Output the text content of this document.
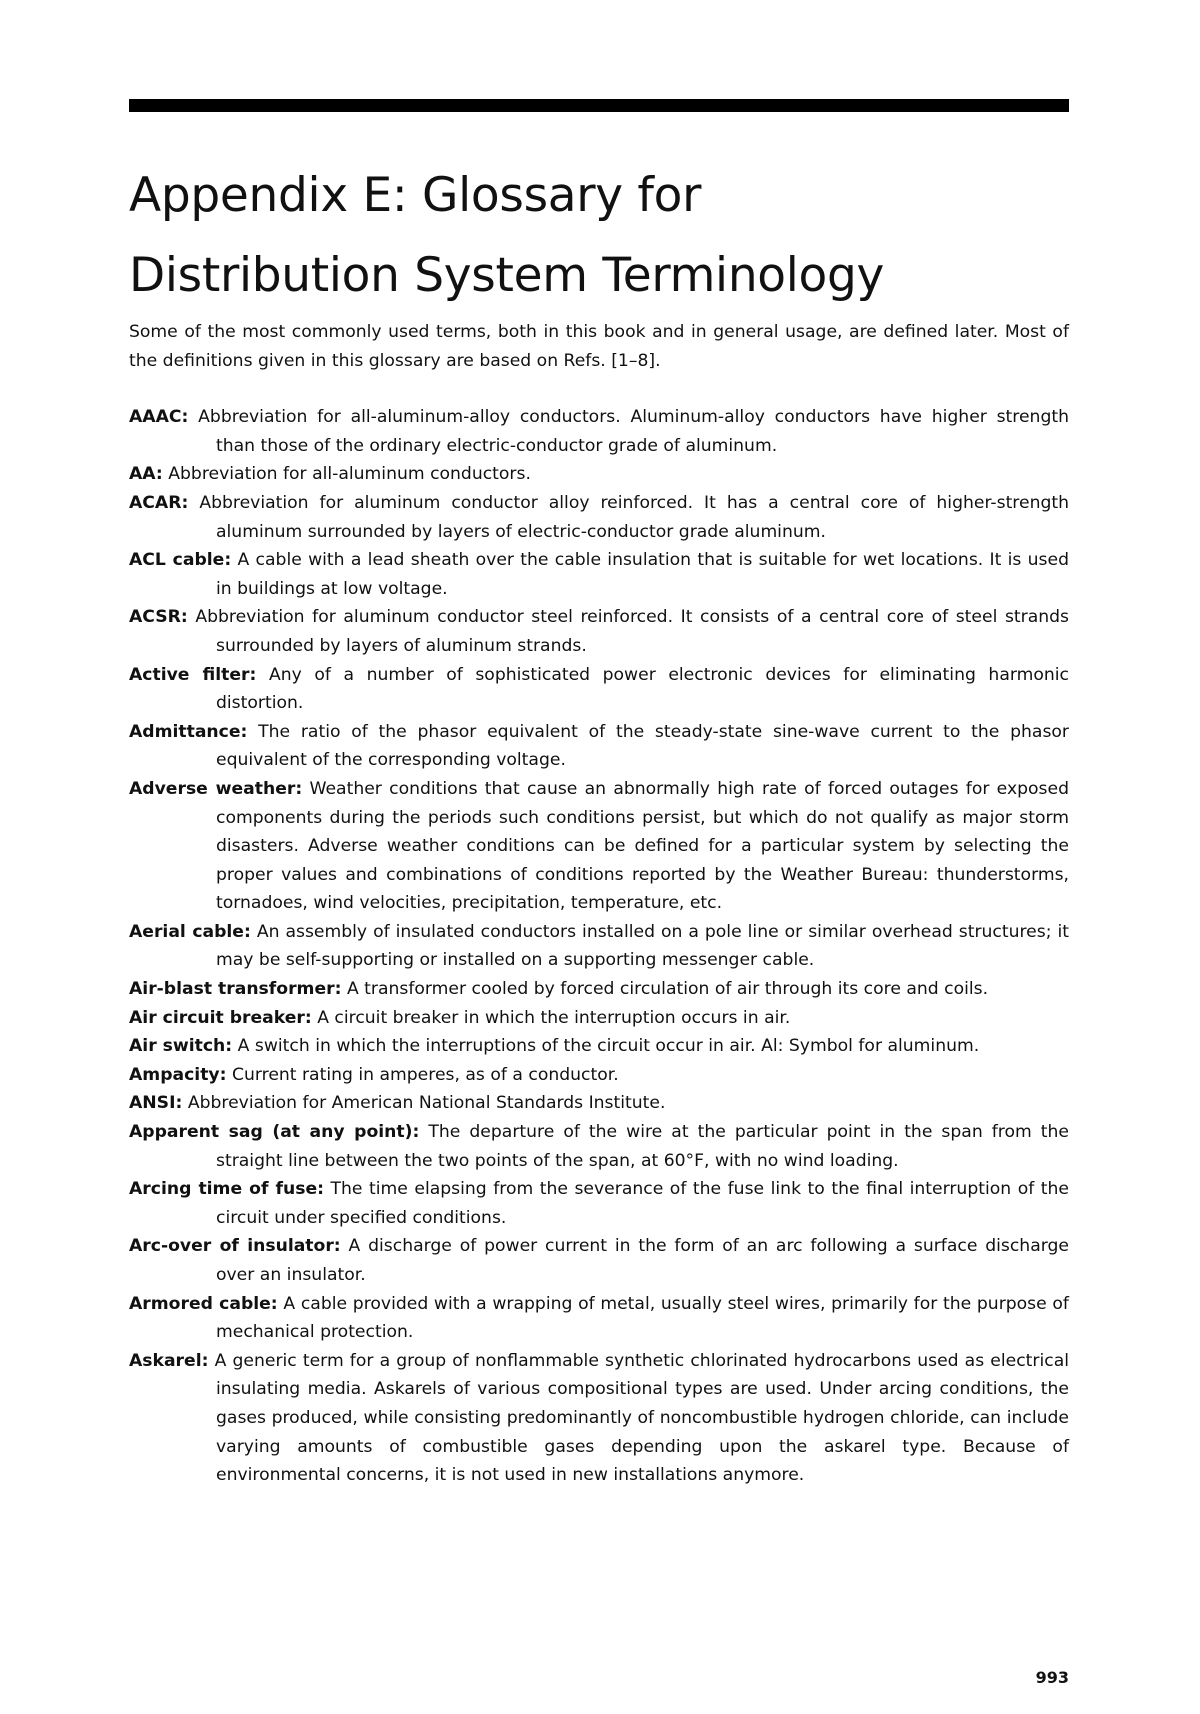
Appendix E: Glossary for
Distribution System Terminology

Some of the most commonly used terms, both in this book and in general usage, are defined later. Most of the definitions given in this glossary are based on Refs. [1–8].

AAAC: Abbreviation for all-aluminum-alloy conductors. Aluminum-alloy conductors have higher strength than those of the ordinary electric-conductor grade of aluminum.

AA: Abbreviation for all-aluminum conductors.

ACAR: Abbreviation for aluminum conductor alloy reinforced. It has a central core of higher-strength aluminum surrounded by layers of electric-conductor grade aluminum.

ACL cable: A cable with a lead sheath over the cable insulation that is suitable for wet locations. It is used in buildings at low voltage.

ACSR: Abbreviation for aluminum conductor steel reinforced. It consists of a central core of steel strands surrounded by layers of aluminum strands.

Active filter: Any of a number of sophisticated power electronic devices for eliminating harmonic distortion.

Admittance: The ratio of the phasor equivalent of the steady-state sine-wave current to the phasor equivalent of the corresponding voltage.

Adverse weather: Weather conditions that cause an abnormally high rate of forced outages for exposed components during the periods such conditions persist, but which do not qualify as major storm disasters. Adverse weather conditions can be defined for a particular system by selecting the proper values and combinations of conditions reported by the Weather Bureau: thunderstorms, tornadoes, wind velocities, precipitation, temperature, etc.

Aerial cable: An assembly of insulated conductors installed on a pole line or similar overhead structures; it may be self-supporting or installed on a supporting messenger cable.

Air-blast transformer: A transformer cooled by forced circulation of air through its core and coils.

Air circuit breaker: A circuit breaker in which the interruption occurs in air.

Air switch: A switch in which the interruptions of the circuit occur in air. Al: Symbol for aluminum.

Ampacity: Current rating in amperes, as of a conductor.

ANSI: Abbreviation for American National Standards Institute.

Apparent sag (at any point): The departure of the wire at the particular point in the span from the straight line between the two points of the span, at 60°F, with no wind loading.

Arcing time of fuse: The time elapsing from the severance of the fuse link to the final interruption of the circuit under specified conditions.

Arc-over of insulator: A discharge of power current in the form of an arc following a surface discharge over an insulator.

Armored cable: A cable provided with a wrapping of metal, usually steel wires, primarily for the purpose of mechanical protection.

Askarel: A generic term for a group of nonflammable synthetic chlorinated hydrocarbons used as electrical insulating media. Askarels of various compositional types are used. Under arcing conditions, the gases produced, while consisting predominantly of noncombustible hydrogen chloride, can include varying amounts of combustible gases depending upon the askarel type. Because of environmental concerns, it is not used in new installations anymore.

993
